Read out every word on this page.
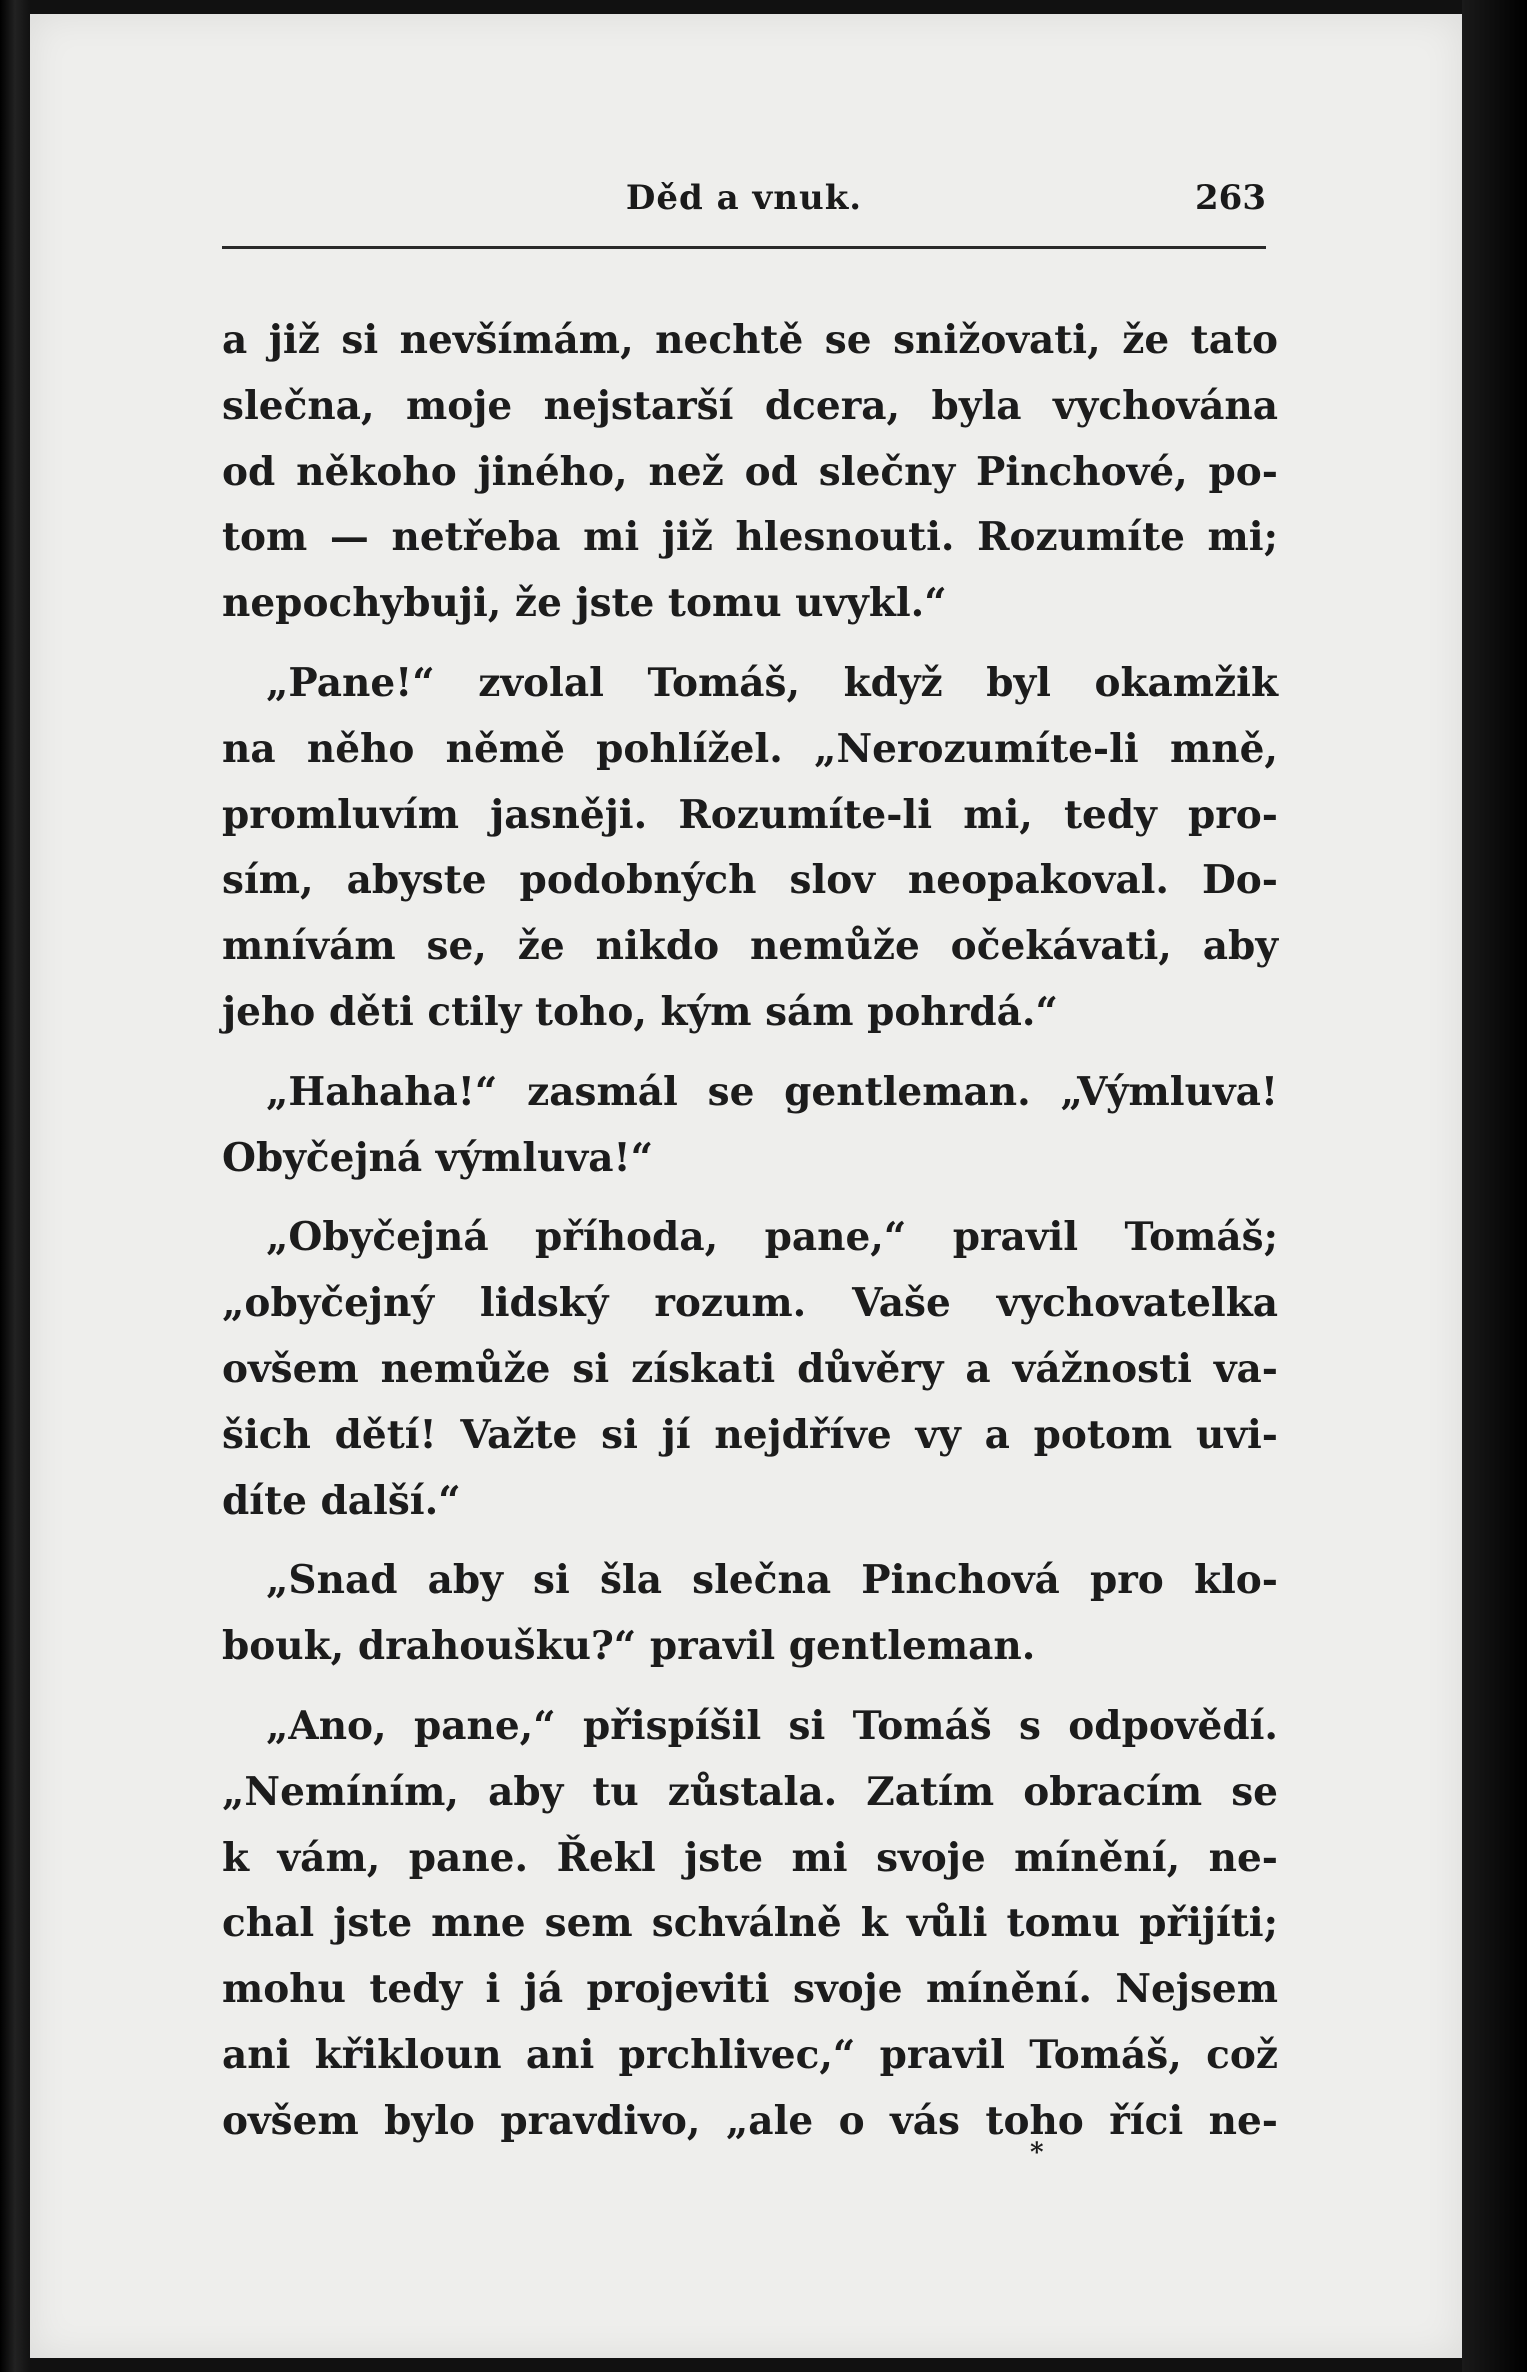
Děd a vnuk.	263
a již si nevšímám, nechtě se snižovati, že tato
slečna, moje nejstarší dcera, byla vychována
od někoho jiného, než od slečny Pinchové, po-
tom — netřeba mi již hlesnouti. Rozumíte mi;
nepochybuji, že jste tomu uvykl.“
„Pane!“ zvolal Tomáš, když byl okamžik
na něho němě pohlížel. „Nerozumíte-li mně,
promluvím jasněji. Rozumíte-li mi, tedy pro-
sím, abyste podobných slov neopakoval. Do-
mnívám se, že nikdo nemůže očekávati, aby
jeho děti ctily toho, kým sám pohrdá.“
„Hahaha!“ zasmál se gentleman. „Výmluva!
Obyčejná výmluva!“
„Obyčejná příhoda, pane,“ pravil Tomáš;
„obyčejný lidský rozum. Vaše vychovatelka
ovšem nemůže si získati důvěry a vážnosti va-
šich dětí! Važte si jí nejdříve vy a potom uvi-
díte další.“
„Snad aby si šla slečna Pinchová pro klo-
bouk, drahoušku?“ pravil gentleman.
„Ano, pane,“ přispíšil si Tomáš s odpovědí.
„Nemíním, aby tu zůstala. Zatím obracím se
k vám, pane. Řekl jste mi svoje mínění, ne-
chal jste mne sem schválně k vůli tomu přijíti;
mohu tedy i já projeviti svoje mínění. Nejsem
ani křikloun ani prchlivec,“ pravil Tomáš, což
ovšem bylo pravdivo, „ale o vás toho říci ne-
*
